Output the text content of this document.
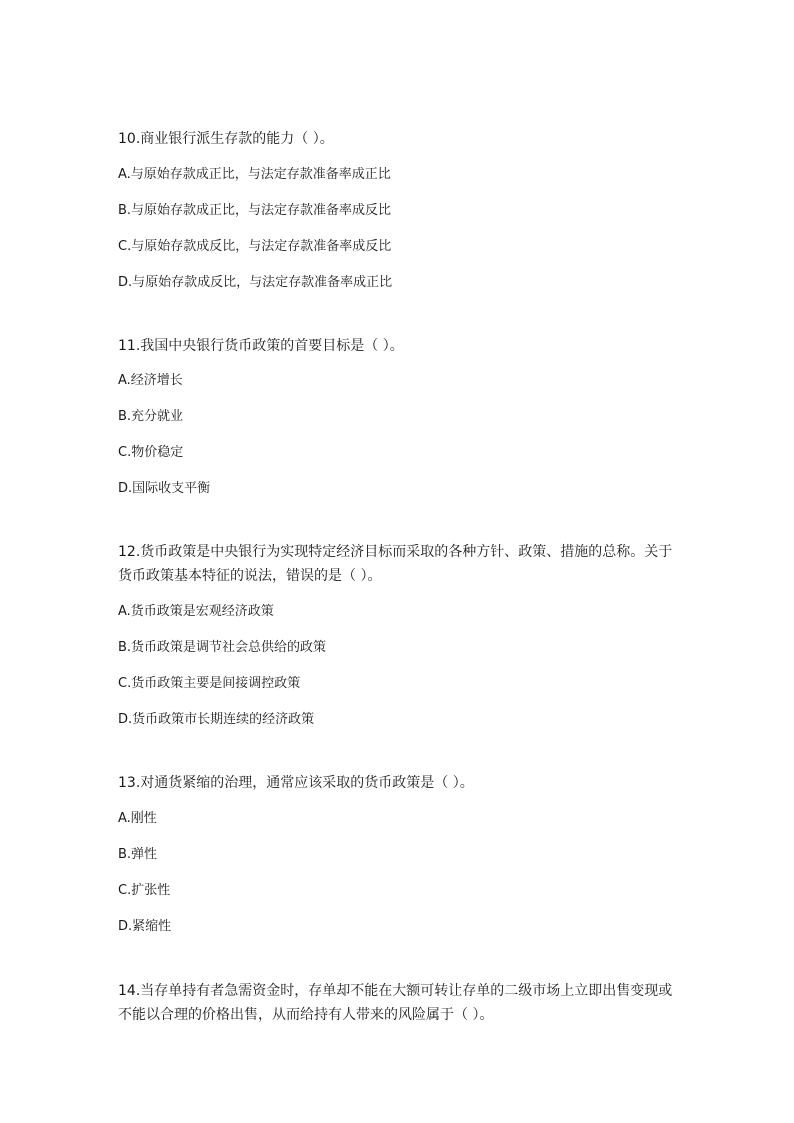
10.商业银行派生存款的能力（ ）。

A.与原始存款成正比，与法定存款准备率成正比
B.与原始存款成正比，与法定存款准备率成反比
C.与原始存款成反比，与法定存款准备率成反比
D.与原始存款成反比，与法定存款准备率成正比

11.我国中央银行货币政策的首要目标是（ ）。

A.经济增长
B.充分就业
C.物价稳定
D.国际收支平衡

12.货币政策是中央银行为实现特定经济目标而采取的各种方针、政策、措施的总称。关于
货币政策基本特征的说法，错误的是（ ）。

A.货币政策是宏观经济政策
B.货币政策是调节社会总供给的政策
C.货币政策主要是间接调控政策
D.货币政策市长期连续的经济政策

13.对通货紧缩的治理，通常应该采取的货币政策是（ ）。

A.刚性
B.弹性
C.扩张性
D.紧缩性

14.当存单持有者急需资金时，存单却不能在大额可转让存单的二级市场上立即出售变现或
不能以合理的价格出售，从而给持有人带来的风险属于（ ）。
